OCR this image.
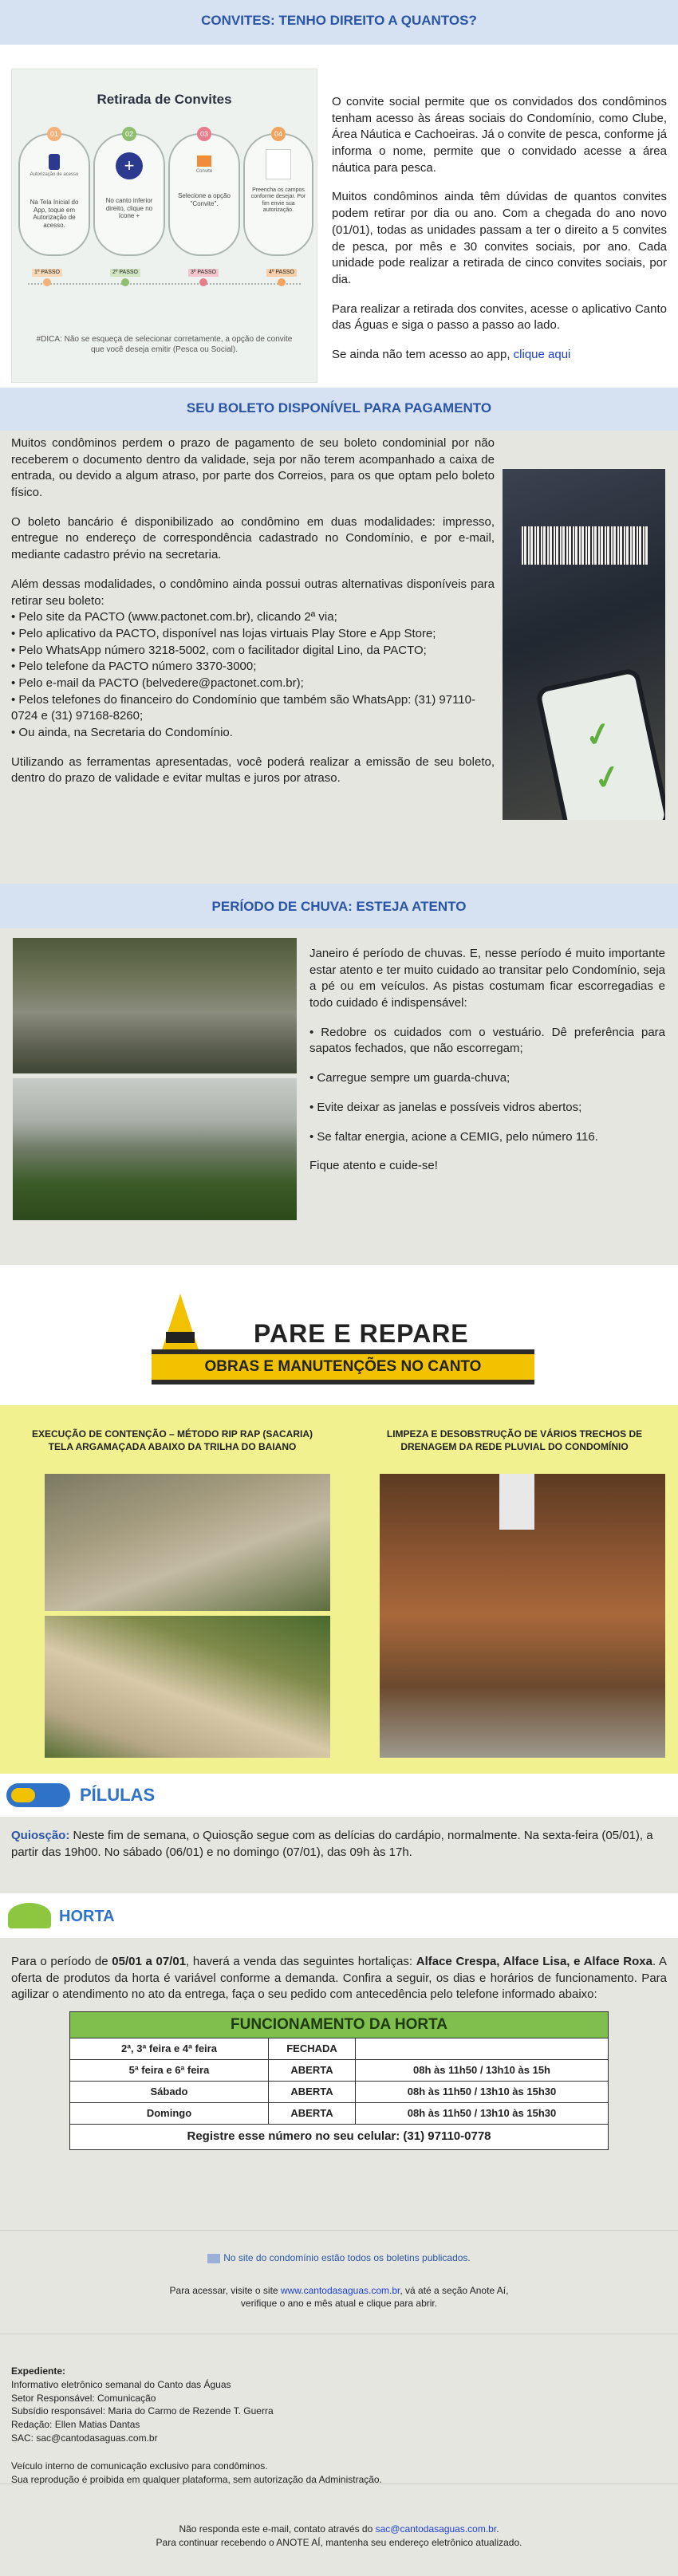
CONVITES: TENHO DIREITO A QUANTOS?
Retirada de Convites
01
Autorização de acesso
Na Tela Inicial do App, toque em Autorização de acesso.
02
+
No canto inferior direito, clique no ícone +
03
Convite
Selecione a opção "Convite".
04
Preencha os campos conforme desejar. Por fim envie sua autorização.
1º PASSO	2º PASSO	3º PASSO	4º PASSO
#DICA: Não se esqueça de selecionar corretamente, a opção de convite que você deseja emitir (Pesca ou Social).

O convite social permite que os convidados dos condôminos tenham acesso às áreas sociais do Condomínio, como Clube, Área Náutica e Cachoeiras. Já o convite de pesca, conforme já informa o nome, permite que o convidado acesse a área náutica para pesca.

Muitos condôminos ainda têm dúvidas de quantos convites podem retirar por dia ou ano. Com a chegada do ano novo (01/01), todas as unidades passam a ter o direito a 5 convites de pesca, por mês e 30 convites sociais, por ano. Cada unidade pode realizar a retirada de cinco convites sociais, por dia.

Para realizar a retirada dos convites, acesse o aplicativo Canto das Águas e siga o passo a passo ao lado.

Se ainda não tem acesso ao app, clique aqui

SEU BOLETO DISPONÍVEL PARA PAGAMENTO

Muitos condôminos perdem o prazo de pagamento de seu boleto condominial por não receberem o documento dentro da validade, seja por não terem acompanhado a caixa de entrada, ou devido a algum atraso, por parte dos Correios, para os que optam pelo boleto físico.

O boleto bancário é disponibilizado ao condômino em duas modalidades: impresso, entregue no endereço de correspondência cadastrado no Condomínio, e por e-mail, mediante cadastro prévio na secretaria.

Além dessas modalidades, o condômino ainda possui outras alternativas disponíveis para retirar seu boleto:

• Pelo site da PACTO (www.pactonet.com.br), clicando 2ª via;
• Pelo aplicativo da PACTO, disponível nas lojas virtuais Play Store e App Store;
• Pelo WhatsApp número 3218-5002, com o facilitador digital Lino, da PACTO;
• Pelo telefone da PACTO número 3370-3000;
• Pelo e-mail da PACTO (belvedere@pactonet.com.br);
• Pelos telefones do financeiro do Condomínio que também são WhatsApp: (31) 97110-0724 e (31) 97168-8260;
• Ou ainda, na Secretaria do Condomínio.

Utilizando as ferramentas apresentadas, você poderá realizar a emissão de seu boleto, dentro do prazo de validade e evitar multas e juros por atraso.

✓
✓
PERÍODO DE CHUVA: ESTEJA ATENTO

Janeiro é período de chuvas. E, nesse período é muito importante estar atento e ter muito cuidado ao transitar pelo Condomínio, seja a pé ou em veículos. As pistas costumam ficar escorregadias e todo cuidado é indispensável:

• Redobre os cuidados com o vestuário. Dê preferência para sapatos fechados, que não escorregam;

• Carregue sempre um guarda-chuva;

• Evite deixar as janelas e possíveis vidros abertos;

• Se faltar energia, acione a CEMIG, pelo número 116.

Fique atento e cuide-se!

PARE E REPARE
OBRAS E MANUTENÇÕES NO CANTO
EXECUÇÃO DE CONTENÇÃO – MÉTODO RIP RAP (SACARIA) TELA ARGAMAÇADA ABAIXO DA TRILHA DO BAIANO
LIMPEZA E DESOBSTRUÇÃO DE VÁRIOS TRECHOS DE DRENAGEM DA REDE PLUVIAL DO CONDOMÍNIO
PÍLULAS

Quiosção: Neste fim de semana, o Quiosção segue com as delícias do cardápio, normalmente. Na sexta-feira (05/01), a partir das 19h00. No sábado (06/01) e no domingo (07/01), das 09h às 17h.

HORTA

Para o período de 05/01 a 07/01, haverá a venda das seguintes hortaliças: Alface Crespa, Alface Lisa, e Alface Roxa. A oferta de produtos da horta é variável conforme a demanda. Confira a seguir, os dias e horários de funcionamento. Para agilizar o atendimento no ato da entrega, faça o seu pedido com antecedência pelo telefone informado abaixo:

FUNCIONAMENTO DA HORTA		
2ª, 3ª feira e 4ª feira	FECHADA	
5ª feira e 6ª feira	ABERTA	08h às 11h50 / 13h10 às 15h
Sábado	ABERTA	08h às 11h50 / 13h10 às 15h30
Domingo	ABERTA	08h às 11h50 / 13h10 às 15h30
Registre esse número no seu celular: (31) 97110-0778		
No site do condomínio estão todos os boletins publicados.
Para acessar, visite o site www.cantodasaguas.com.br, vá até a seção Anote Aí,
verifique o ano e mês atual e clique para abrir.
Expediente:
Informativo eletrônico semanal do Canto das Águas
Setor Responsável: Comunicação
Subsídio responsável: Maria do Carmo de Rezende T. Guerra
Redação: Ellen Matias Dantas
SAC: sac@cantodasaguas.com.br
Veículo interno de comunicação exclusivo para condôminos.
Sua reprodução é proibida em qualquer plataforma, sem autorização da Administração.
Não responda este e-mail, contato através do sac@cantodasaguas.com.br.
Para continuar recebendo o ANOTE AÍ, mantenha seu endereço eletrônico atualizado.
